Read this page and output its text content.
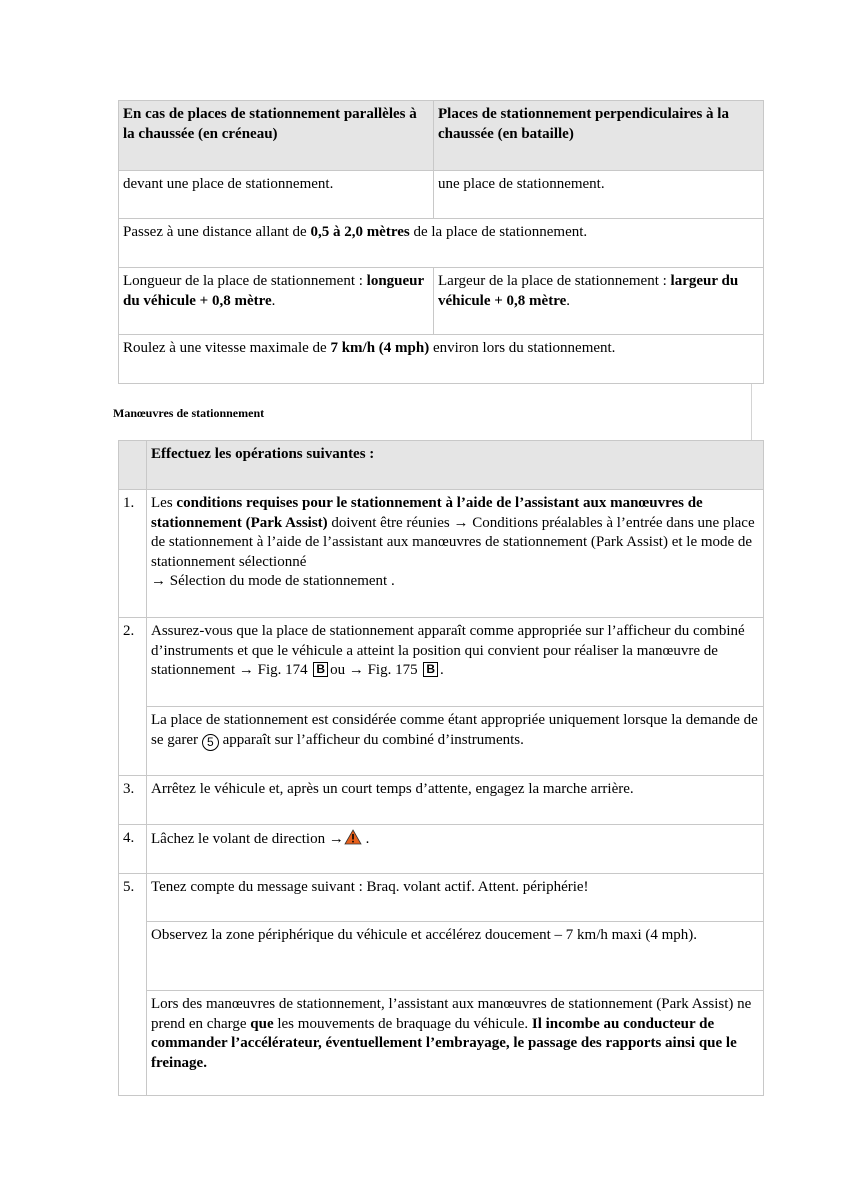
En cas de places de stationnement parallèles à la chaussée (en créneau)	Places de stationnement perpendiculaires à la chaussée (en bataille)
devant une place de stationnement.	une place de stationnement.
Passez à une distance allant de 0,5 à 2,0 mètres de la place de stationnement.	
Longueur de la place de stationnement : longueur du véhicule + 0,8 mètre.	Largeur de la place de stationnement : largeur du véhicule + 0,8 mètre.
Roulez à une vitesse maximale de 7 km/h (4 mph) environ lors du stationnement.	
Manœuvres de stationnement
	Effectuez les opérations suivantes :
1.	Les conditions requises pour le stationnement à l’aide de l’assistant aux manœuvres de stationnement (Park Assist) doivent être réunies → Conditions préalables à l’entrée dans une place de stationnement à l’aide de l’assistant aux manœuvres de stationnement (Park Assist) et le mode de stationnement sélectionné
→ Sélection du mode de stationnement .
2.	Assurez-vous que la place de stationnement apparaît comme appropriée sur l’afficheur du combiné d’instruments et que le véhicule a atteint la position qui convient pour réaliser la manœuvre de stationnement → Fig. 174 B ou → Fig. 175 B .
	La place de stationnement est considérée comme étant appropriée uniquement lorsque la demande de se garer 5 apparaît sur l’afficheur du combiné d’instruments.
3.	Arrêtez le véhicule et, après un court temps d’attente, engagez la marche arrière.
4.	Lâchez le volant de direction → .
5.	Tenez compte du message suivant : Braq. volant actif. Attent. périphérie!
	Observez la zone périphérique du véhicule et accélérez doucement – 7 km/h maxi (4 mph).
	Lors des manœuvres de stationnement, l’assistant aux manœuvres de stationnement (Park Assist) ne prend en charge que les mouvements de braquage du véhicule. Il incombe au conducteur de commander l’accélérateur, éventuellement l’embrayage, le passage des rapports ainsi que le freinage.
